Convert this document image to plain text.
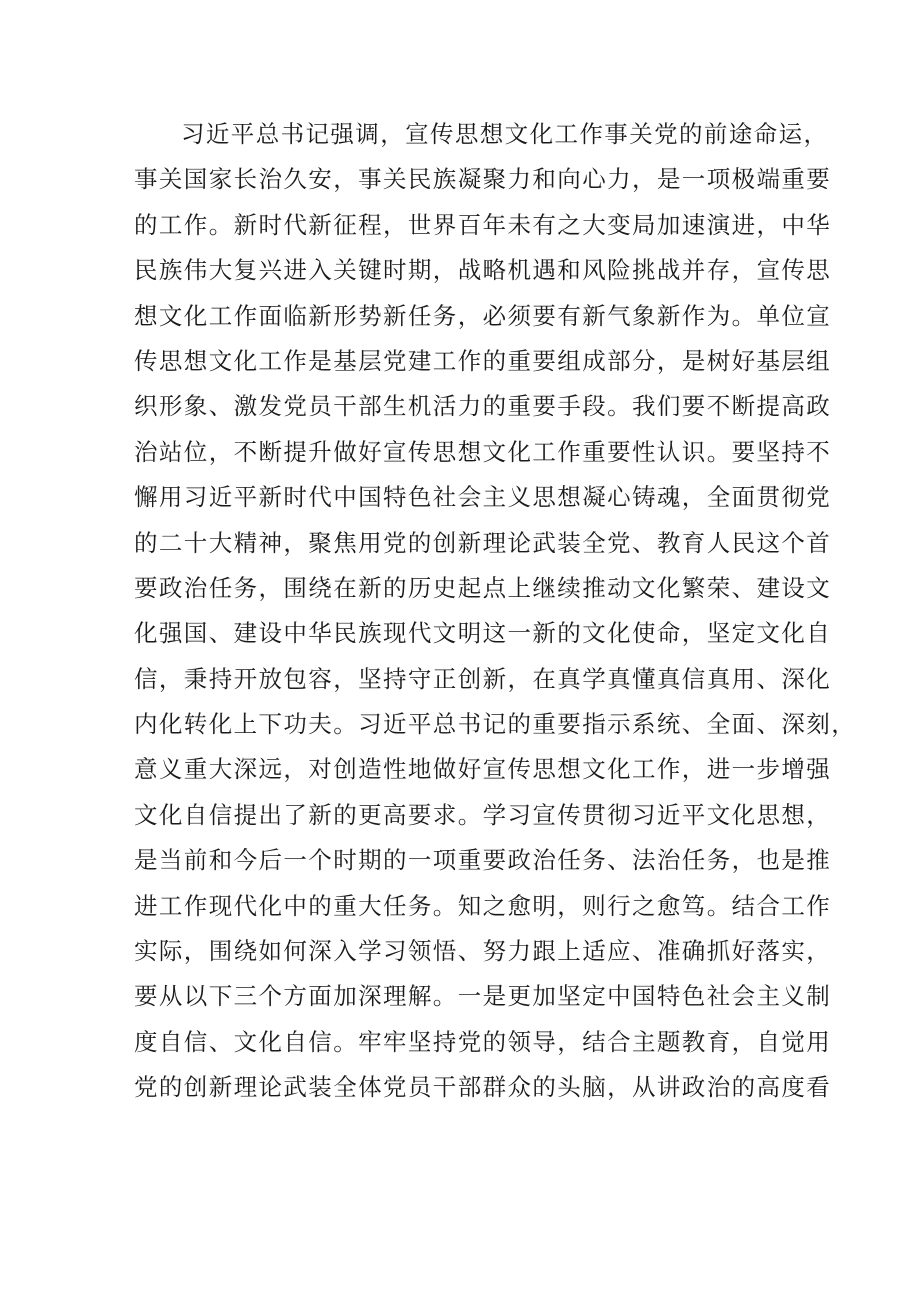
习近平总书记强调，宣传思想文化工作事关党的前途命运，
事关国家长治久安，事关民族凝聚力和向心力，是一项极端重要
的工作。新时代新征程，世界百年未有之大变局加速演进，中华
民族伟大复兴进入关键时期，战略机遇和风险挑战并存，宣传思
想文化工作面临新形势新任务，必须要有新气象新作为。单位宣
传思想文化工作是基层党建工作的重要组成部分，是树好基层组
织形象、激发党员干部生机活力的重要手段。我们要不断提高政
治站位，不断提升做好宣传思想文化工作重要性认识。要坚持不
懈用习近平新时代中国特色社会主义思想凝心铸魂，全面贯彻党
的二十大精神，聚焦用党的创新理论武装全党、教育人民这个首
要政治任务，围绕在新的历史起点上继续推动文化繁荣、建设文
化强国、建设中华民族现代文明这一新的文化使命，坚定文化自
信，秉持开放包容，坚持守正创新，在真学真懂真信真用、深化
内化转化上下功夫。习近平总书记的重要指示系统、全面、深刻，
意义重大深远，对创造性地做好宣传思想文化工作，进一步增强
文化自信提出了新的更高要求。学习宣传贯彻习近平文化思想，
是当前和今后一个时期的一项重要政治任务、法治任务，也是推
进工作现代化中的重大任务。知之愈明，则行之愈笃。结合工作
实际，围绕如何深入学习领悟、努力跟上适应、准确抓好落实，
要从以下三个方面加深理解。一是更加坚定中国特色社会主义制
度自信、文化自信。牢牢坚持党的领导，结合主题教育，自觉用
党的创新理论武装全体党员干部群众的头脑，从讲政治的高度看
